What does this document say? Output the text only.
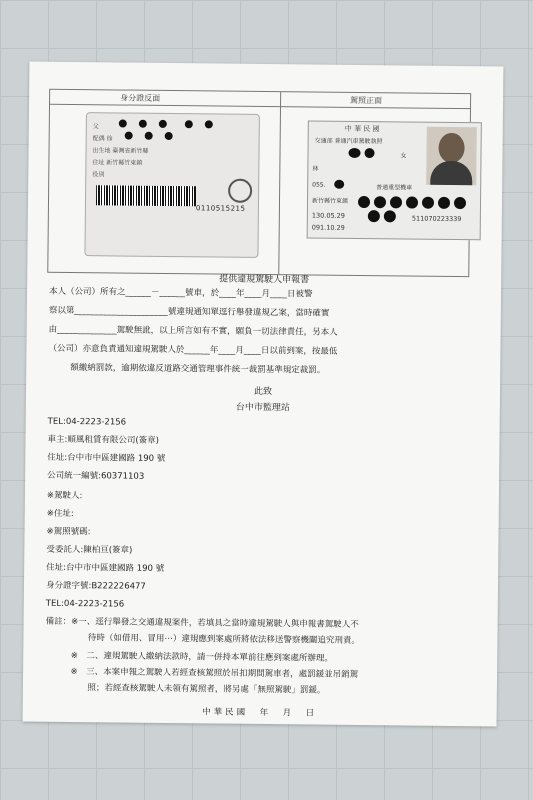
身分證反面	駕照正面
父
配偶 徐
出生地 臺灣省新竹縣
住址 新竹縣竹東鎮
役別
0110515215
中 華 民 國
交通部 普通汽車駕駛執照
女
林
055.	普通重型機車
新竹縣竹東鎮
130.05.29
091.10.29
511070223339
提供違規駕駛人申報書
本人（公司）所有之______－______號車，於____年____月____日被警
察以第______________________號違規通知單逕行舉發違規乙案，當時確實
由______________駕駛無訛，以上所言如有不實，願負一切法律責任，另本人
（公司）亦意負責通知違規駕駛人於______年____月____日以前到案，按最低
額繳納罰款，逾期依違反道路交通管理事件統一裁罰基準規定裁罰。
此致
台中市監理站
TEL:04-2223-2156
車主:順風租賃有限公司(簽章)
住址:台中市中區建國路 190 號
公司統一編號:60371103
※駕駛人:
※住址:
※駕照號碼:
受委託人:陳柏亘(簽章)
住址:台中市中區建國路 190 號
身分證字號:B222226477
TEL:04-2223-2156
備註：※一、逕行舉發之交通違規案件，若填具之當時違規駕駛人與申報書駕駛人不
　　　　　待時（如借用、冒用⋯）違規應到案處所將依法移送警察機關追究刑責。
　　　※　二、違規駕駛人繳納法款時，請一併持本單前往應到案處所辦理。
　　　※　三、本案申報之駕駛人若經查核駕照於吊扣期間駕車者，處罰鍰並吊銷駕
　　　　　照；若經查核駕駛人未領有駕照者，將另處「無照駕駛」罰鍰。
中華民國　年　月　日
